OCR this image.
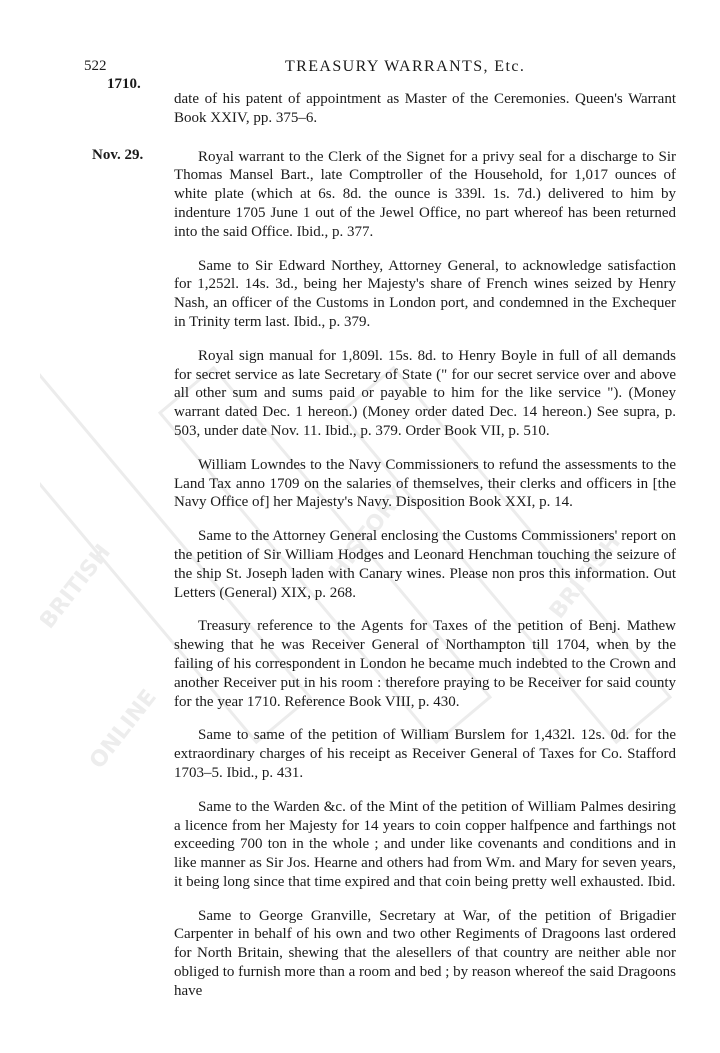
BRITISH
ONLINE
HISTORY	BRITISH
522
1710.
TREASURY WARRANTS, Etc.
Nov. 29.

date of his patent of appointment as Master of the Ceremonies. Queen's Warrant Book XXIV, pp. 375–6.

Royal warrant to the Clerk of the Signet for a privy seal for a discharge to Sir Thomas Mansel Bart., late Comptroller of the Household, for 1,017 ounces of white plate (which at 6s. 8d. the ounce is 339l. 1s. 7d.) delivered to him by indenture 1705 June 1 out of the Jewel Office, no part whereof has been returned into the said Office. Ibid., p. 377.

Same to Sir Edward Northey, Attorney General, to acknowledge satisfaction for 1,252l. 14s. 3d., being her Majesty's share of French wines seized by Henry Nash, an officer of the Customs in London port, and condemned in the Exchequer in Trinity term last. Ibid., p. 379.

Royal sign manual for 1,809l. 15s. 8d. to Henry Boyle in full of all demands for secret service as late Secretary of State (" for our secret service over and above all other sum and sums paid or payable to him for the like service "). (Money warrant dated Dec. 1 hereon.) (Money order dated Dec. 14 hereon.) See supra, p. 503, under date Nov. 11. Ibid., p. 379. Order Book VII, p. 510.

William Lowndes to the Navy Commissioners to refund the assessments to the Land Tax anno 1709 on the salaries of themselves, their clerks and officers in [the Navy Office of] her Majesty's Navy. Disposition Book XXI, p. 14.

Same to the Attorney General enclosing the Customs Commissioners' report on the petition of Sir William Hodges and Leonard Henchman touching the seizure of the ship St. Joseph laden with Canary wines. Please non pros this information. Out Letters (General) XIX, p. 268.

Treasury reference to the Agents for Taxes of the petition of Benj. Mathew shewing that he was Receiver General of Northampton till 1704, when by the failing of his correspondent in London he became much indebted to the Crown and another Receiver put in his room : therefore praying to be Receiver for said county for the year 1710. Reference Book VIII, p. 430.

Same to same of the petition of William Burslem for 1,432l. 12s. 0d. for the extraordinary charges of his receipt as Receiver General of Taxes for Co. Stafford 1703–5. Ibid., p. 431.

Same to the Warden &c. of the Mint of the petition of William Palmes desiring a licence from her Majesty for 14 years to coin copper halfpence and farthings not exceeding 700 ton in the whole ; and under like covenants and conditions and in like manner as Sir Jos. Hearne and others had from Wm. and Mary for seven years, it being long since that time expired and that coin being pretty well exhausted. Ibid.

Same to George Granville, Secretary at War, of the petition of Brigadier Carpenter in behalf of his own and two other Regiments of Dragoons last ordered for North Britain, shewing that the alesellers of that country are neither able nor obliged to furnish more than a room and bed ; by reason whereof the said Dragoons have
